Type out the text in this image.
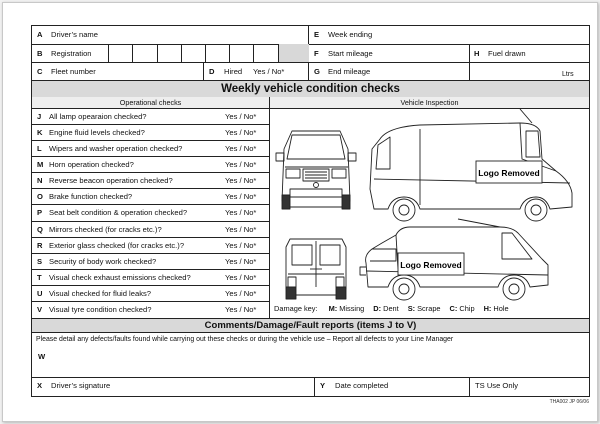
A Driver’s name	E Week ending
B Registration	F Start mileage	H Fuel drawn
Ltrs
C Fleet number	D Hired Yes / No*	G End mileage
Weekly vehicle condition checks
Operational checks	Vehicle Inspection
J All lamp opearaion checked?	Yes / No*
K Engine fluid levels checked?	Yes / No*
L Wipers and washer operation checked?	Yes / No*
M Horn operation checked?	Yes / No*
N Reverse beacon operation checked?	Yes / No*
O Brake function checked?	Yes / No*
P Seat belt condition & operation checked?	Yes / No*
Q Mirrors checked (for cracks etc.)?	Yes / No*
R Exterior glass checked (for cracks etc.)?	Yes / No*
S Security of body work checked?	Yes / No*
T Visual check exhaust emissions checked?	Yes / No*
U Visual checked for fluid leaks?	Yes / No*
V Visual tyre condition checked?	Yes / No*
Logo Removed
Logo Removed
Damage key: M: Missing D: Dent S: Scrape C: Chip H: Hole
Comments/Damage/Fault reports (items J to V)
Please detail any defects/faults found while carrying out these checks or during the vehicle use – Report all defects to your Line Manager
W
X Driver’s signature	Y Date completed	TS Use Only
THA002 JP 06/06
